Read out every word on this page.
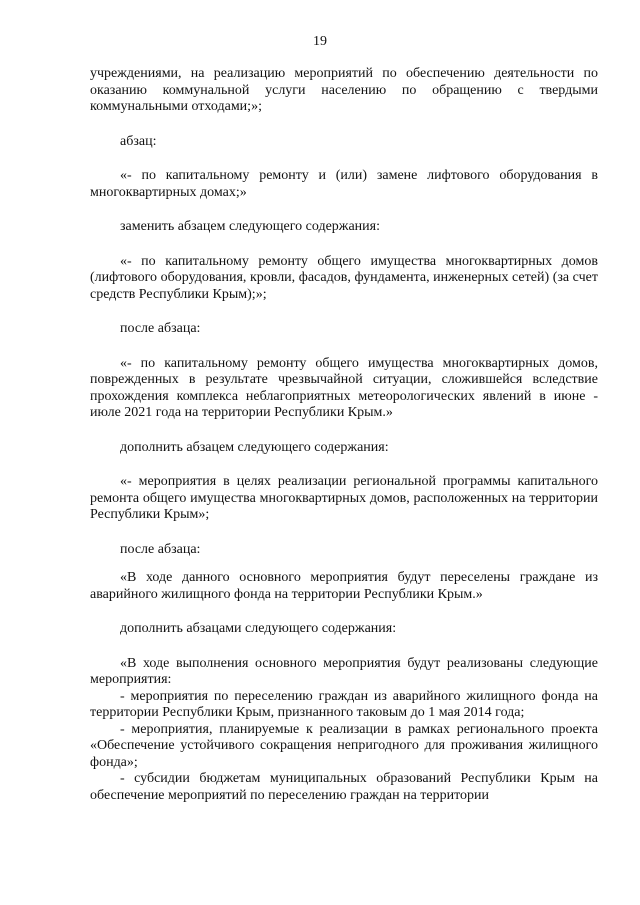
19

учреждениями, на реализацию мероприятий по обеспечению деятельности по оказанию коммунальной услуги населению по обращению с твердыми коммунальными отходами;»;

абзац:

«- по капитальному ремонту и (или) замене лифтового оборудования в многоквартирных домах;»

заменить абзацем следующего содержания:

«- по капитальному ремонту общего имущества многоквартирных домов (лифтового оборудования, кровли, фасадов, фундамента, инженерных сетей) (за счет средств Республики Крым);»;

после абзаца:

«- по капитальному ремонту общего имущества многоквартирных домов, поврежденных в результате чрезвычайной ситуации, сложившейся вследствие прохождения комплекса неблагоприятных метеорологических явлений в июне - июле 2021 года на территории Республики Крым.»

дополнить абзацем следующего содержания:

«- мероприятия в целях реализации региональной программы капитального ремонта общего имущества многоквартирных домов, расположенных на территории Республики Крым»;

после абзаца:

«В ходе данного основного мероприятия будут переселены граждане из аварийного жилищного фонда на территории Республики Крым.»

дополнить абзацами следующего содержания:

«В ходе выполнения основного мероприятия будут реализованы следующие мероприятия:

- мероприятия по переселению граждан из аварийного жилищного фонда на территории Республики Крым, признанного таковым до 1 мая 2014 года;

- мероприятия, планируемые к реализации в рамках регионального проекта «Обеспечение устойчивого сокращения непригодного для проживания жилищного фонда»;

- субсидии бюджетам муниципальных образований Республики Крым на обеспечение мероприятий по переселению граждан на территории
